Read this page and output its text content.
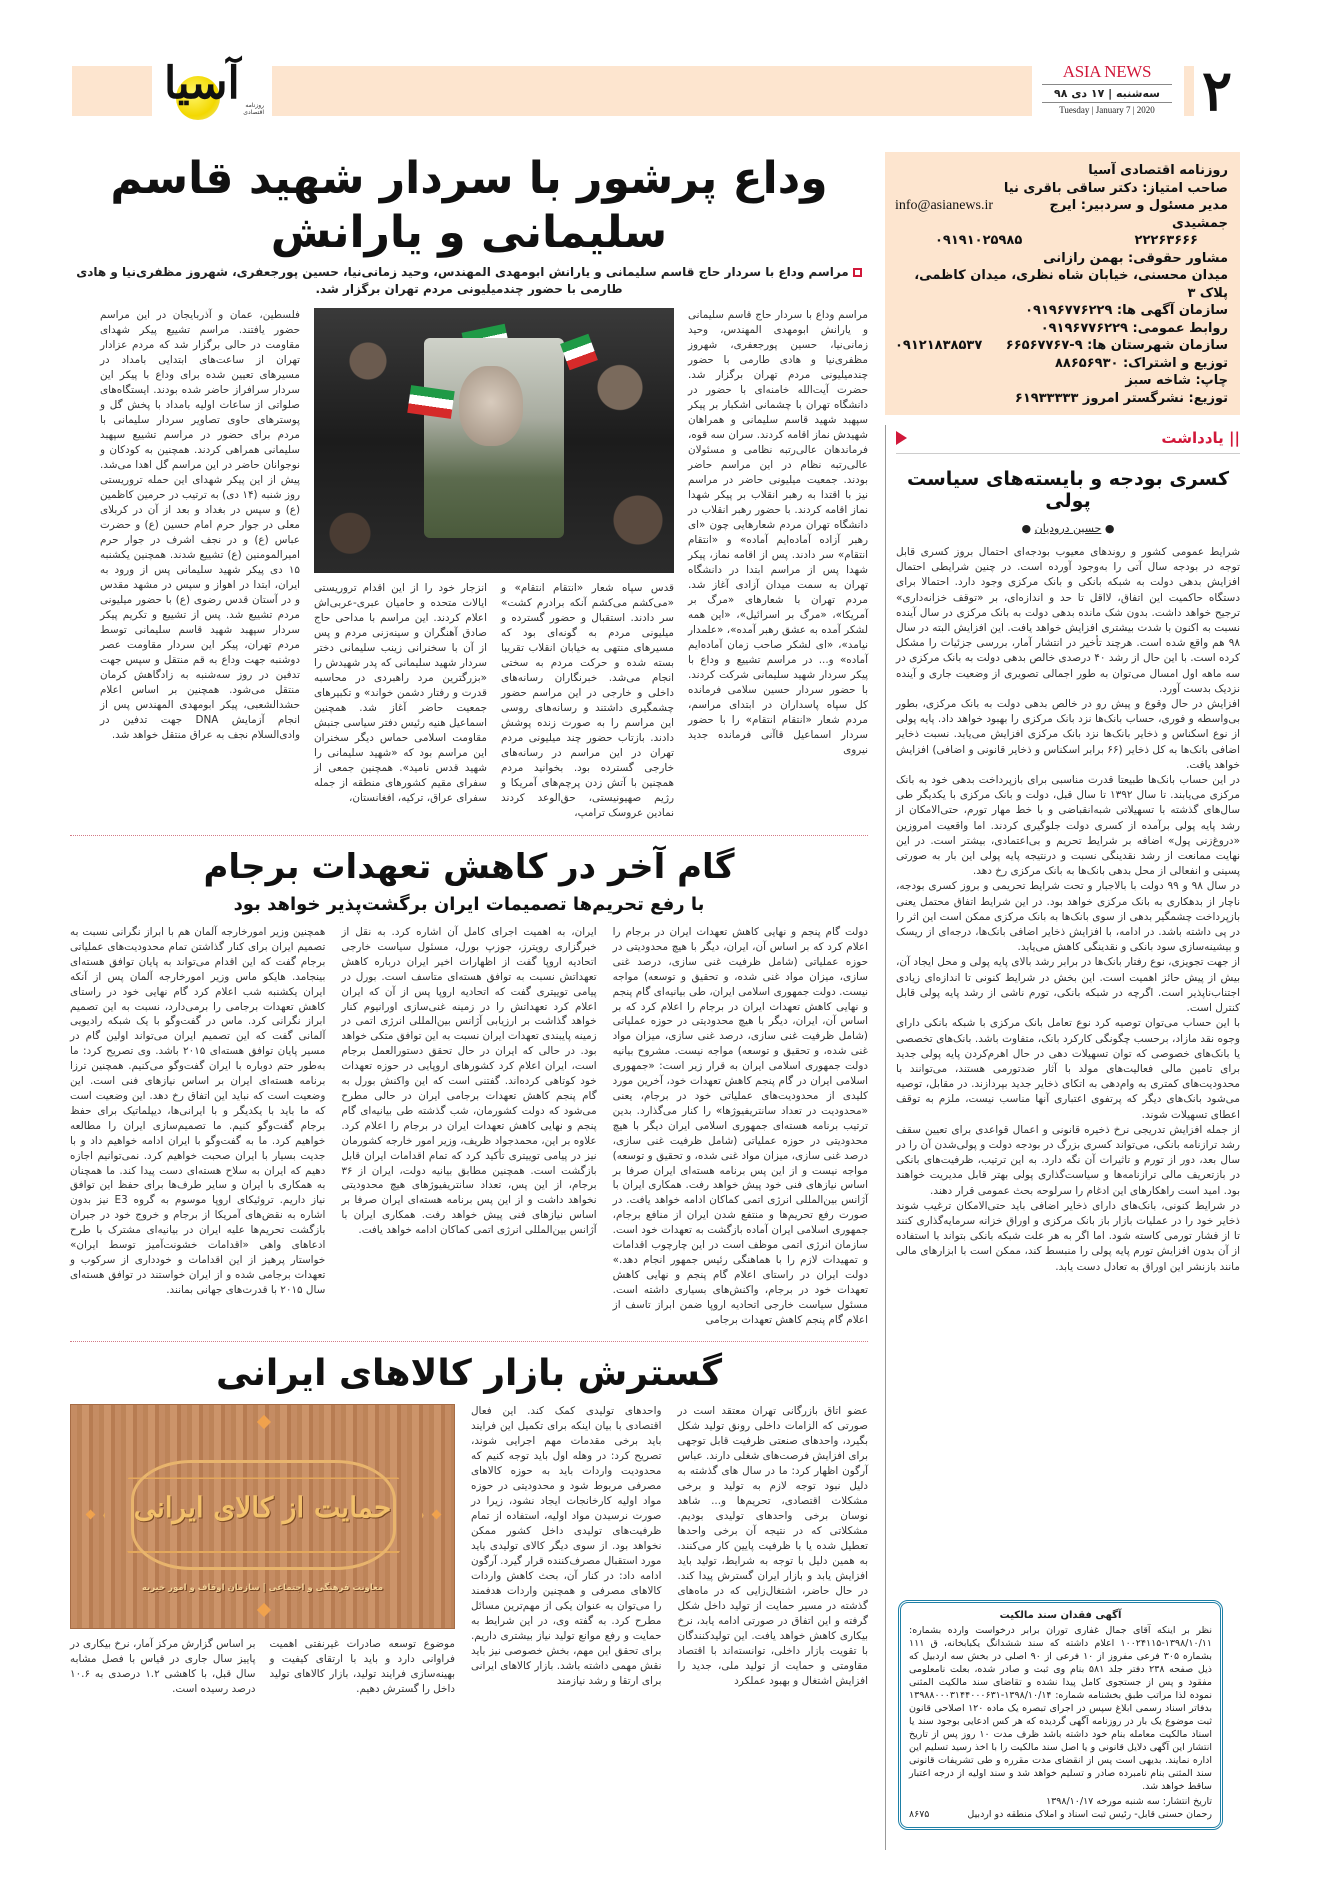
آسیا روزنامه اقتصادی
ASIA NEWS
سه‌شنبه | ۱۷ دی ۹۸
Tuesday | January 7 | 2020 ۲
روزنامه اقتصادی آسیا
صاحب امتیاز: دکتر ساقی باقری نیا
مدیر مسئول و سردبیر: ایرج جمشیدی
info@asianews.ir
۲۲۲۶۳۶۶۶
۰۹۱۹۱۰۲۵۹۸۵
مشاور حقوقی: بهمن رازانی
میدان محسنی، خیابان شاه نظری، میدان کاظمی، پلاک ۳
سازمان آگهی ها: ۰۹۱۹۶۷۷۶۲۲۹
روابط عمومی: ۰۹۱۹۶۷۷۶۲۲۹
سازمان شهرستان ها: ۹-۶۶۵۶۷۷۶۷
۰۹۱۲۱۸۳۸۵۳۷
توزیع و اشتراک: ۸۸۶۵۶۹۳۰
چاپ: شاخه سبز
توزیع: نشرگستر امروز ۶۱۹۳۳۳۳۳
|| یادداشت
کسری بودجه و بایسته‌های سیاست پولی
● حسین درودیان ●

شرایط عمومی کشور و روندهای معیوب بودجه‌ای احتمال بروز کسری قابل توجه در بودجه سال آتی را به‌وجود آورده است. در چنین شرایطی احتمال افزایش بدهی دولت به شبکه بانکی و بانک مرکزی وجود دارد. احتمالا برای دستگاه حاکمیت این اتفاق، لااقل تا حد و اندازه‌ای، بر «توقف خزانه‌داری» ترجیح خواهد داشت. بدون شک مانده بدهی دولت به بانک مرکزی در سال آینده نسبت به اکنون با شدت بیشتری افزایش خواهد یافت. این افزایش البته در سال ۹۸ هم واقع شده است. هرچند تأخیر در انتشار آمار، بررسی جزئیات را مشکل کرده است. با این حال از رشد ۴۰ درصدی خالص بدهی دولت به بانک مرکزی در سه ماهه اول امسال می‌توان به طور اجمالی تصویری از وضعیت جاری و آینده نزدیک بدست آورد.

افزایش در حال وقوع و پیش رو در خالص بدهی دولت به بانک مرکزی، بطور بی‌واسطه و فوری، حساب بانک‌ها نزد بانک مرکزی را بهبود خواهد داد. پایه پولی از نوع اسکناس و ذخایر بانک‌ها نزد بانک مرکزی افزایش می‌یابد. نسبت ذخایر اضافی بانک‌ها به کل ذخایر (۶۶ برابر اسکناس و ذخایر قانونی و اضافی) افزایش خواهد یافت.

در این حساب بانک‌ها طبیعتا قدرت مناسبی برای بازپرداخت بدهی خود به بانک مرکزی می‌یابند. تا سال ۱۳۹۲ تا سال قبل، دولت و بانک مرکزی با یکدیگر طی سال‌های گذشته با تسهیلاتی شبه‌انقباضی و با خط مهار تورم، حتی‌الامکان از رشد پایه پولی برآمده از کسری دولت جلوگیری کردند. اما واقعیت امروزین «دروغ‌زنی پول» اضافه بر شرایط تحریم و بی‌اعتمادی، بیشتر است. در این نهایت ممانعت از رشد نقدینگی نسبت و درنتیجه پایه پولی این بار به صورتی پسینی و انفعالی از محل بدهی بانک‌ها به بانک مرکزی رخ دهد.

در سال ۹۸ و ۹۹ دولت با بالاجبار و تحت شرایط تحریمی و بروز کسری بودجه، ناچار از بدهکاری به بانک مرکزی خواهد بود. در این شرایط اتفاق محتمل یعنی بازپرداخت چشمگیر بدهی از سوی بانک‌ها به بانک مرکزی ممکن است این اثر را در پی داشته باشد. در ادامه، با افزایش ذخایر اضافی بانک‌ها، درجه‌ای از ریسک و بیشینه‌سازی سود بانکی و نقدینگی کاهش می‌یابد.

از جهت تجویزی، نوع رفتار بانک‌ها در برابر رشد بالای پایه پولی و محل ایجاد آن، بیش از پیش حائز اهمیت است. این بخش در شرایط کنونی تا اندازه‌ای زیادی اجتناب‌ناپذیر است. اگرچه در شبکه بانکی، تورم ناشی از رشد پایه پولی قابل کنترل است.

با این حساب می‌توان توصیه کرد نوع تعامل بانک مرکزی با شبکه بانکی دارای وجوه نقد مازاد، برحسب چگونگی کارکرد بانک، متفاوت باشد. بانک‌های تخصصی یا بانک‌های خصوصی که توان تسهیلات دهی در حال اهرم‌کردن پایه پولی جدید برای تامین مالی فعالیت‌های مولد با آثار ضدتورمی هستند، می‌توانند با محدودیت‌های کمتری به وام‌دهی به اتکای ذخایر جدید بپردازند. در مقابل، توصیه می‌شود بانک‌های دیگر که پرتفوی اعتباری آنها مناسب نیست، ملزم به توقف اعطای تسهیلات شوند.

از جمله افزایش تدریجی نرخ ذخیره قانونی و اعمال قواعدی برای تعیین سقف رشد ترازنامه بانکی، می‌تواند کسری بزرگ در بودجه دولت و پولی‌شدن آن را در سال بعد، دور از تورم و تاثیرات آن نگه دارد. به این ترتیب، ظرفیت‌های بانکی در بازتعریف مالی ترازنامه‌ها و سیاست‌گذاری پولی بهتر قابل مدیریت خواهند بود. امید است راهکارهای این ادغام را سرلوحه بحث عمومی قرار دهند.

در شرایط کنونی، بانک‌های دارای ذخایر اضافی باید حتی‌الامکان ترغیب شوند ذخایر خود را در عملیات بازار باز بانک مرکزی و اوراق خزانه سرمایه‌گذاری کنند تا از فشار تورمی کاسته شود. اما اگر به هر علت شبکه بانکی بتواند با استفاده از آن بدون افزایش تورم پایه پولی را منبسط کند، ممکن است با ابزارهای مالی مانند بازنشر این اوراق به تعادل دست یابد.

آگهی فقدان سند مالکیت
نظر بر اینکه آقای جمال غفاری توران برابر درخواست وارده بشماره: ۱۳۹۸/۱۰/۱۱-۱۰۰۲۴۱۱۵ اعلام داشته که سند ششدانگ یکبابخانه، ق ۱۱۱ بشماره ۳۰۵ فرعی مفروز از ۱۰ فرعی از ۹۰ اصلی در بخش سه اردبیل که ذیل صفحه ۲۳۸ دفتر جلد ۵۸۱ بنام وی ثبت و صادر شده، بعلت نامعلومی مفقود و پس از جستجوی کامل پیدا نشده و تقاضای سند مالکیت المثنی نموده لذا مراتب طبق بخشنامه شماره: ۱۳۹۸/۱۰/۱۴-۱۳۹۸۸۰۰۰۳۱۴۴۰۰۰۶۳۱ بدفاتر اسناد رسمی ابلاغ سپس در اجرای تبصره یک ماده ۱۲۰ اصلاحی قانون ثبت موضوع یک بار در روزنامه آگهی گردیده که هر کس ادعایی بوجود سند یا اسناد مالکیت معامله بنام خود داشته باشد ظرف مدت ۱۰ روز پس از تاریخ انتشار این آگهی دلایل قانونی و یا اصل سند مالکیت را با اخذ رسید تسلیم این اداره نمایند. بدیهی است پس از انقضای مدت مقرره و طی تشریفات قانونی سند المثنی بنام نامبرده صادر و تسلیم خواهد شد و سند اولیه از درجه اعتبار ساقط خواهد شد.
تاریخ انتشار: سه شنبه مورخه ۱۳۹۸/۱۰/۱۷
رحمان حسنی قابل- رئیس ثبت اسناد و املاک منطقه دو اردبیل
۸۶۷۵
وداع پرشور با سردار شهید قاسم سلیمانی و یارانش
مراسم وداع با سردار حاج قاسم سلیمانی و یارانش ابومهدی المهندس، وحید زمانی‌نیا، حسین پورجعفری، شهروز مظفری‌نیا و هادی طارمی با حضور چندمیلیونی مردم تهران برگزار شد.
مراسم وداع با سردار حاج قاسم سلیمانی و یارانش ابومهدی المهندس، وحید زمانی‌نیا، حسین پورجعفری، شهروز مظفری‌نیا و هادی طارمی با حضور چندمیلیونی مردم تهران برگزار شد. حضرت آیت‌الله خامنه‌ای با حضور در دانشگاه تهران با چشمانی اشکبار بر پیکر سپهبد شهید قاسم سلیمانی و همراهان شهیدش نماز اقامه کردند. سران سه قوه، فرماندهان عالی‌رتبه نظامی و مسئولان عالی‌رتبه نظام در این مراسم حاضر بودند. جمعیت میلیونی حاضر در مراسم نیز با اقتدا به رهبر انقلاب بر پیکر شهدا نماز اقامه کردند. با حضور رهبر انقلاب در دانشگاه تهران مردم شعارهایی چون «ای رهبر آزاده آماده‌ایم آماده» و «انتقام انتقام» سر دادند. پس از اقامه نماز، پیکر شهدا پس از مراسم ابتدا در دانشگاه تهران به سمت میدان آزادی آغاز شد. مردم تهران با شعارهای «مرگ بر آمریکا»، «مرگ بر اسرائیل»، «این همه لشکر آمده به عشق رهبر آمده»، «علمدار نیامد»، «ای لشکر صاحب زمان آماده‌ایم آماده» و... در مراسم تشییع و وداع با پیکر سردار شهید سلیمانی شرکت کردند. با حضور سردار حسین سلامی فرمانده کل سپاه پاسداران در ابتدای مراسم، مردم شعار «انتقام انتقام» را با حضور سردار اسماعیل قاآنی فرمانده جدید نیروی
قدس سپاه شعار «انتقام انتقام» و «می‌کشم می‌کشم آنکه برادرم کشت» سر دادند. استقبال و حضور گسترده و میلیونی مردم به گونه‌ای بود که مسیرهای منتهی به خیابان انقلاب تقریبا بسته شده و حرکت مردم به سختی انجام می‌شد. خبرنگاران رسانه‌های داخلی و خارجی در این مراسم حضور چشمگیری داشتند و رسانه‌های روسی این مراسم را به صورت زنده پوشش دادند. بازتاب حضور چند میلیونی مردم تهران در این مراسم در رسانه‌های خارجی گسترده بود. بخوانید مردم همچنین با آتش زدن پرچم‌های آمریکا و رژیم صهیونیستی، حق‌الوعد کردند نمادین عروسک ترامپ،
انزجار خود را از این اقدام تروریستی ایالات متحده و حامیان عبری-عربی‌اش اعلام کردند. این مراسم با مداحی حاج صادق آهنگران و سینه‌زنی مردم و پس از آن با سخنرانی زینب سلیمانی دختر سردار شهید سلیمانی که پدر شهیدش را «بزرگترین مرد راهبردی در محاسبه قدرت و رفتار دشمن خواند» و تکبیرهای جمعیت حاضر آغاز شد. همچنین اسماعیل هنیه رئیس دفتر سیاسی جنبش مقاومت اسلامی حماس دیگر سخنران این مراسم بود که «شهید سلیمانی را شهید قدس نامید». همچنین جمعی از سفرای مقیم کشورهای منطقه از جمله سفرای عراق، ترکیه، افغانستان،
فلسطین، عمان و آذربایجان در این مراسم حضور یافتند. مراسم تشییع پیکر شهدای مقاومت در حالی برگزار شد که مردم عزادار تهران از ساعت‌های ابتدایی بامداد در مسیرهای تعیین شده برای وداع با پیکر این سردار سرافراز حاضر شده بودند. ایستگاه‌های صلواتی از ساعات اولیه بامداد با پخش گل و پوسترهای حاوی تصاویر سردار سلیمانی با مردم برای حضور در مراسم تشییع سپهبد سلیمانی همراهی کردند. همچنین به کودکان و نوجوانان حاضر در این مراسم گل اهدا می‌شد. پیش از این پیکر شهدای این حمله تروریستی روز شنبه (۱۴ دی) به ترتیب در حرمین کاظمین (ع) و سپس در بغداد و بعد از آن در کربلای معلی در جوار حرم امام حسین (ع) و حضرت عباس (ع) و در نجف اشرف در جوار حرم امیرالمومنین (ع) تشییع شدند. همچنین یکشنبه ۱۵ دی پیکر شهید سلیمانی پس از ورود به ایران، ابتدا در اهواز و سپس در مشهد مقدس و در آستان قدس رضوی (ع) با حضور میلیونی مردم تشییع شد. پس از تشییع و تکریم پیکر سردار سپهبد شهید قاسم سلیمانی توسط مردم تهران، پیکر این سردار مقاومت عصر دوشنبه جهت وداع به قم منتقل و سپس جهت تدفین در روز سه‌شنبه به زادگاهش کرمان منتقل می‌شود. همچنین بر اساس اعلام حشدالشعبی، پیکر ابومهدی المهندس پس از انجام آزمایش DNA جهت تدفین در وادی‌السلام نجف به عراق منتقل خواهد شد.
گام آخر در کاهش تعهدات برجام
با رفع تحریم‌ها تصمیمات ایران برگشت‌پذیر خواهد بود
دولت گام پنجم و نهایی کاهش تعهدات ایران در برجام را اعلام کرد که بر اساس آن، ایران، دیگر با هیچ محدودیتی در حوزه عملیاتی (شامل ظرفیت غنی سازی، درصد غنی سازی، میزان مواد غنی شده، و تحقیق و توسعه) مواجه نیست. دولت جمهوری اسلامی ایران، طی بیانیه‌ای گام پنجم و نهایی کاهش تعهدات ایران در برجام را اعلام کرد که بر اساس آن، ایران، دیگر با هیچ محدودیتی در حوزه عملیاتی (شامل ظرفیت غنی سازی، درصد غنی سازی، میزان مواد غنی شده، و تحقیق و توسعه) مواجه نیست. مشروح بیانیه دولت جمهوری اسلامی ایران به قرار زیر است: «جمهوری اسلامی ایران در گام پنجم کاهش تعهدات خود، آخرین مورد کلیدی از محدودیت‌های عملیاتی خود در برجام، یعنی «محدودیت در تعداد سانتریفیوژها» را کنار می‌گذارد. بدین ترتیب برنامه هسته‌ای جمهوری اسلامی ایران دیگر با هیچ محدودیتی در حوزه عملیاتی (شامل ظرفیت غنی سازی، درصد غنی سازی، میزان مواد غنی شده، و تحقیق و توسعه) مواجه نیست و از این پس برنامه هسته‌ای ایران صرفا بر اساس نیازهای فنی خود پیش خواهد رفت. همکاری ایران با آژانس بین‌المللی انرژی اتمی کماکان ادامه خواهد یافت. در صورت رفع تحریم‌ها و منتفع شدن ایران از منافع برجام، جمهوری اسلامی ایران آماده بازگشت به تعهدات خود است. سازمان انرژی اتمی موظف است در این چارچوب اقدامات و تمهیدات لازم را با هماهنگی رئیس جمهور انجام دهد.» دولت ایران در راستای اعلام گام پنجم و نهایی کاهش تعهدات خود در برجام، واکنش‌های بسیاری داشته است. مسئول سیاست خارجی اتحادیه اروپا ضمن ابراز تاسف از اعلام گام پنجم کاهش تعهدات برجامی
ایران، به اهمیت اجرای کامل آن اشاره کرد. به نقل از خبرگزاری رویترز، جوزپ بورل، مسئول سیاست خارجی اتحادیه اروپا گفت از اظهارات اخیر ایران درباره کاهش تعهداتش نسبت به توافق هسته‌ای متاسف است. بورل در پیامی توییتری گفت که اتحادیه اروپا پس از آن که ایران اعلام کرد تعهداتش را در زمینه غنی‌سازی اورانیوم کنار خواهد گذاشت بر ارزیابی آژانس بین‌المللی انرژی اتمی در زمینه پایبندی تعهدات ایران نسبت به این توافق متکی خواهد بود. در حالی که ایران در حال تحقق دستورالعمل برجام است، ایران اعلام کرد کشورهای اروپایی در حوزه تعهدات خود کوتاهی کرده‌اند. گفتنی است که این واکنش بورل به گام پنجم کاهش تعهدات برجامی ایران در حالی مطرح می‌شود که دولت کشورمان، شب گذشته طی بیانیه‌ای گام پنجم و نهایی کاهش تعهدات ایران در برجام را اعلام کرد. علاوه بر این، محمدجواد ظریف، وزیر امور خارجه کشورمان نیز در پیامی توییتری تأکید کرد که تمام اقدامات ایران قابل بازگشت است. همچنین مطابق بیانیه دولت، ایران از ۳۶ برجام، از این پس، تعداد سانتریفیوژهای هیچ محدودیتی نخواهد داشت و از این پس برنامه هسته‌ای ایران صرفا بر اساس نیازهای فنی پیش خواهد رفت. همکاری ایران با آژانس بین‌المللی انرژی اتمی کماکان ادامه خواهد یافت.
همچنین وزیر امورخارجه آلمان هم با ابراز نگرانی نسبت به تصمیم ایران برای کنار گذاشتن تمام محدودیت‌های عملیاتی برجام گفت که این اقدام می‌تواند به پایان توافق هسته‌ای بینجامد. هایکو ماس وزیر امورخارجه آلمان پس از آنکه ایران یکشنبه شب اعلام کرد گام نهایی خود در راستای کاهش تعهدات برجامی را برمی‌دارد، نسبت به این تصمیم ابراز نگرانی کرد. ماس در گفت‌وگو با یک شبکه رادیویی آلمانی گفت که این تصمیم ایران می‌تواند اولین گام در مسیر پایان توافق هسته‌ای ۲۰۱۵ باشد. وی تصریح کرد: ما به‌طور حتم دوباره با ایران گفت‌وگو می‌کنیم. همچنین ترزا برنامه هسته‌ای ایران بر اساس نیازهای فنی است. این وضعیت است که نباید این اتفاق رخ دهد. این وضعیت است که ما باید با یکدیگر و با ایرانی‌ها، دیپلماتیک برای حفظ برجام گفت‌وگو کنیم. ما تصمیم‌سازی ایران را مطالعه خواهیم کرد. ما به گفت‌وگو با ایران ادامه خواهیم داد و با جدیت بسیار با ایران صحبت خواهیم کرد. نمی‌توانیم اجازه دهیم که ایران به سلاح هسته‌ای دست پیدا کند. ما همچنان به همکاری با ایران و سایر طرف‌ها برای حفظ این توافق نیاز داریم. تروئیکای اروپا موسوم به گروه E3 نیز بدون اشاره به نقض‌های آمریکا از برجام و خروج خود در جبران بازگشت تحریم‌ها علیه ایران در بیانیه‌ای مشترک با طرح ادعاهای واهی «اقدامات خشونت‌آمیز توسط ایران» خواستار پرهیز از این اقدامات و خودداری از سرکوب و تعهدات برجامی شده و از ایران خواستند در توافق هسته‌ای سال ۲۰۱۵ با قدرت‌های جهانی بمانند.
گسترش بازار کالاهای ایرانی
عضو اتاق بازرگانی تهران معتقد است در صورتی که الزامات داخلی رونق تولید شکل بگیرد، واحدهای صنعتی ظرفیت قابل توجهی برای افزایش فرصت‌های شغلی دارند. عباس آرگون اظهار کرد: ما در سال های گذشته به دلیل نبود توجه لازم به تولید و برخی مشکلات اقتصادی، تحریم‌ها و... شاهد نوسان برخی واحدهای تولیدی بودیم. مشکلاتی که در نتیجه آن برخی واحدها تعطیل شده یا با ظرفیت پایین کار می‌کنند. به همین دلیل با توجه به شرایط، تولید باید افزایش یابد و بازار ایران گسترش پیدا کند. در حال حاضر، اشتغال‌زایی که در ماه‌های گذشته در مسیر حمایت از تولید داخل شکل گرفته و این اتفاق در صورتی ادامه یابد، نرخ بیکاری کاهش خواهد یافت. این تولیدکنندگان با تقویت بازار داخلی، توانسته‌اند با اقتصاد مقاومتی و حمایت از تولید ملی، جدید را افزایش اشتغال و بهبود عملکرد
واحدهای تولیدی کمک کند. این فعال اقتصادی با بیان اینکه برای تکمیل این فرایند باید برخی مقدمات مهم اجرایی شوند، تصریح کرد: در وهله اول باید توجه کنیم که محدودیت واردات باید به حوزه کالاهای مصرفی مربوط شود و محدودیتی در حوزه مواد اولیه کارخانجات ایجاد نشود، زیرا در صورت نرسیدن مواد اولیه، استفاده از تمام ظرفیت‌های تولیدی داخل کشور ممکن نخواهد بود. از سوی دیگر کالای تولیدی باید مورد استقبال مصرف‌کننده قرار گیرد. آرگون ادامه داد: در کنار آن، بحث کاهش واردات کالاهای مصرفی و همچنین واردات هدفمند را می‌توان به عنوان یکی از مهم‌ترین مسائل مطرح کرد. به گفته وی، در این شرایط به حمایت و رفع موانع تولید نیاز بیشتری داریم. برای تحقق این مهم، بخش خصوصی نیز باید نقش مهمی داشته باشد. بازار کالاهای ایرانی برای ارتقا و رشد نیازمند
حمایت از کالای ایرانی
معاونت فرهنگی و اجتماعی | سازمان اوقاف و امور خیریه
موضوع توسعه صادرات غیرنفتی اهمیت فراوانی دارد و باید با ارتقای کیفیت و بهینه‌سازی فرایند تولید، بازار کالاهای تولید داخل را گسترش دهیم.
بر اساس گزارش مرکز آمار، نرخ بیکاری در پاییز سال جاری در قیاس با فصل مشابه سال قبل، با کاهشی ۱.۲ درصدی به ۱۰.۶ درصد رسیده است.
